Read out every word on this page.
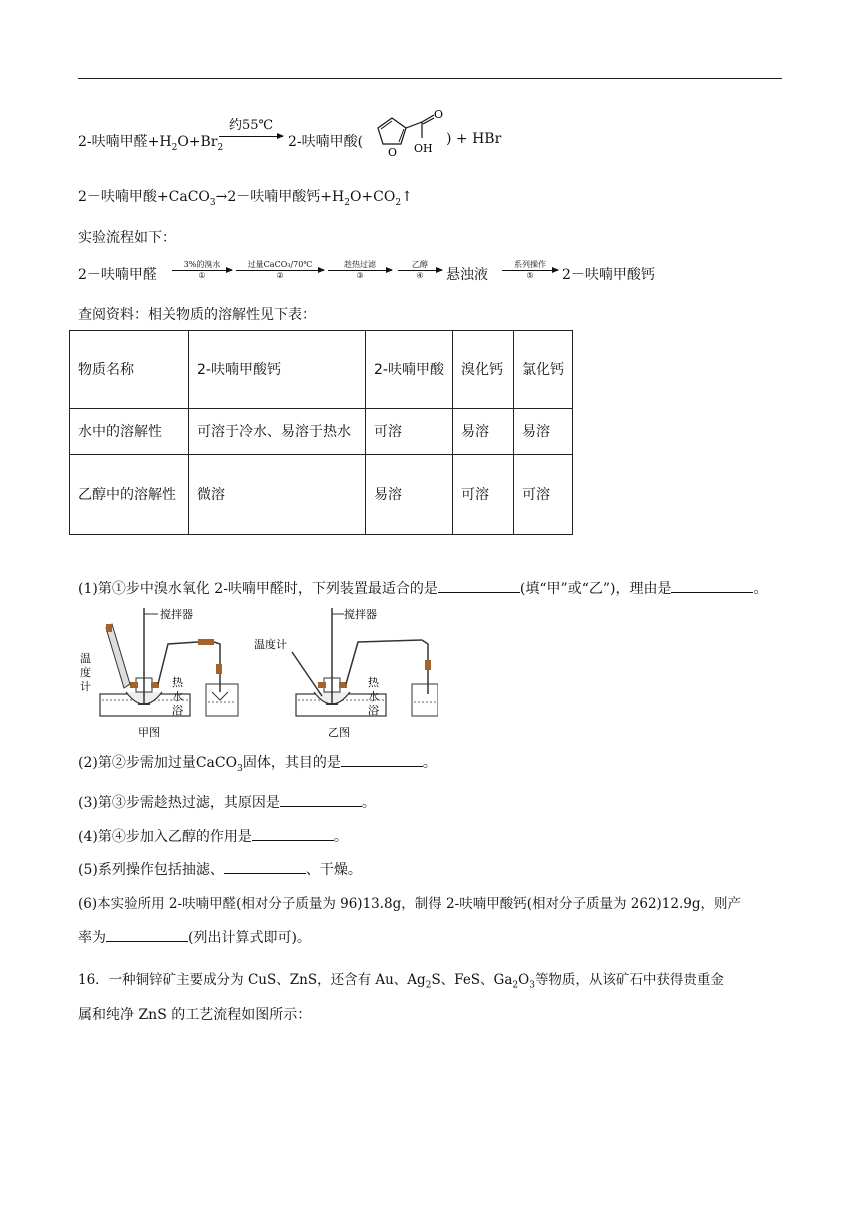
2-呋喃甲醛$+H_2O+Br_2$
约55℃
2-呋喃甲酸(
O
O
OH
) + HBr
2－呋喃甲酸+CaCO$_3$→2－呋喃甲酸钙$+H_2O+CO_2↑$
实验流程如下：
2－呋喃甲醛
3%的溴水
①
过量CaCO₃/70℃
②
趁热过滤
③
乙醇
④	悬浊液
系列操作
⑤	2－呋喃甲酸钙
查阅资料：相关物质的溶解性见下表：
物质名称	2-呋喃甲酸钙	2-呋喃甲酸	溴化钙	氯化钙
水中的溶解性	可溶于冷水、易溶于热水	可溶	易溶	易溶
乙醇中的溶解性	微溶	易溶	可溶	可溶
(1)第①步中溴水氧化 2-呋喃甲醛时，下列装置最适合的是	(填“甲”或“乙”)，理由是	。
搅拌器
温
度
计	热
水
浴
甲图
搅拌器
温度计
热
水
浴
乙图
(2)第②步需加过量CaCO$_3$固体，其目的是	。
(3)第③步需趁热过滤，其原因是	。
(4)第④步加入乙醇的作用是	。
(5)系列操作包括抽滤、	、干燥。
(6)本实验所用 2-呋喃甲醛(相对分子质量为 96)13.8g，制得 2-呋喃甲酸钙(相对分子质量为 262)12.9g，则产
率为	(列出计算式即可)。
16．一种铜锌矿主要成分为 CuS、ZnS，还含有 Au、$Ag_2S$、FeS、$Ga_2O_3$等物质，从该矿石中获得贵重金
属和纯净 ZnS 的工艺流程如图所示：
